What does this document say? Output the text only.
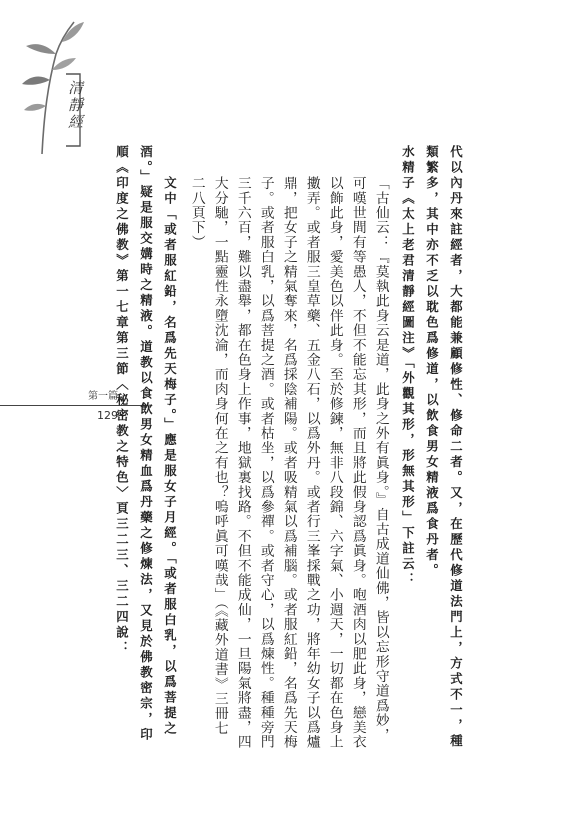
清靜經
第一篇
129	代以內丹來註經者，大都能兼顧修性、修命二者。又，在歷代修道法門上，方式不一，種
類繁多，其中亦不乏以耽色爲修道，以飲食男女精液爲食丹者。
水精子《太上老君清靜經圖注》「外觀其形，形無其形」下註云：
「古仙云：『莫執此身云是道，此身之外有眞身。』自古成道仙佛，皆以忘形守道爲妙，
可嘆世間有等愚人，不但不能忘其形，而且將此假身認爲眞身。咆酒肉以肥此身，戀美衣
以飾此身，愛美色以伴此身。至於修鍊，無非八段錦、六字氣、小週天，一切都在色身上
擻弄。或者服三皇草藥、五金八石，以爲外丹。或者行三峯採戰之功，將年幼女子以爲爐
鼎，把女子之精氣奪來，名爲採陰補陽。或者吸精氣以爲補腦。或者服紅鉛，名爲先天梅
子。或者服白乳，以爲菩提之酒。或者枯坐，以爲參禪。或者守心，以爲煉性。種種旁門
三千六百，難以盡舉，都在色身上作事，地獄裏找路。不但不能成仙，一旦陽氣將盡，四
大分馳，一點靈性永墮沈淪，而肉身何在之有也？嗚呼眞可嘆哉」（《藏外道書》三冊七
二八頁下）
文中「或者服紅鉛，名爲先天梅子。」應是服女子月經。「或者服白乳，以爲菩提之
酒。」疑是服交媾時之精液。道教以食飲男女精血爲丹藥之修煉法，又見於佛教密宗，印
順《印度之佛教》第一七章第三節〈秘密教之特色〉頁三二三、三二四說：
